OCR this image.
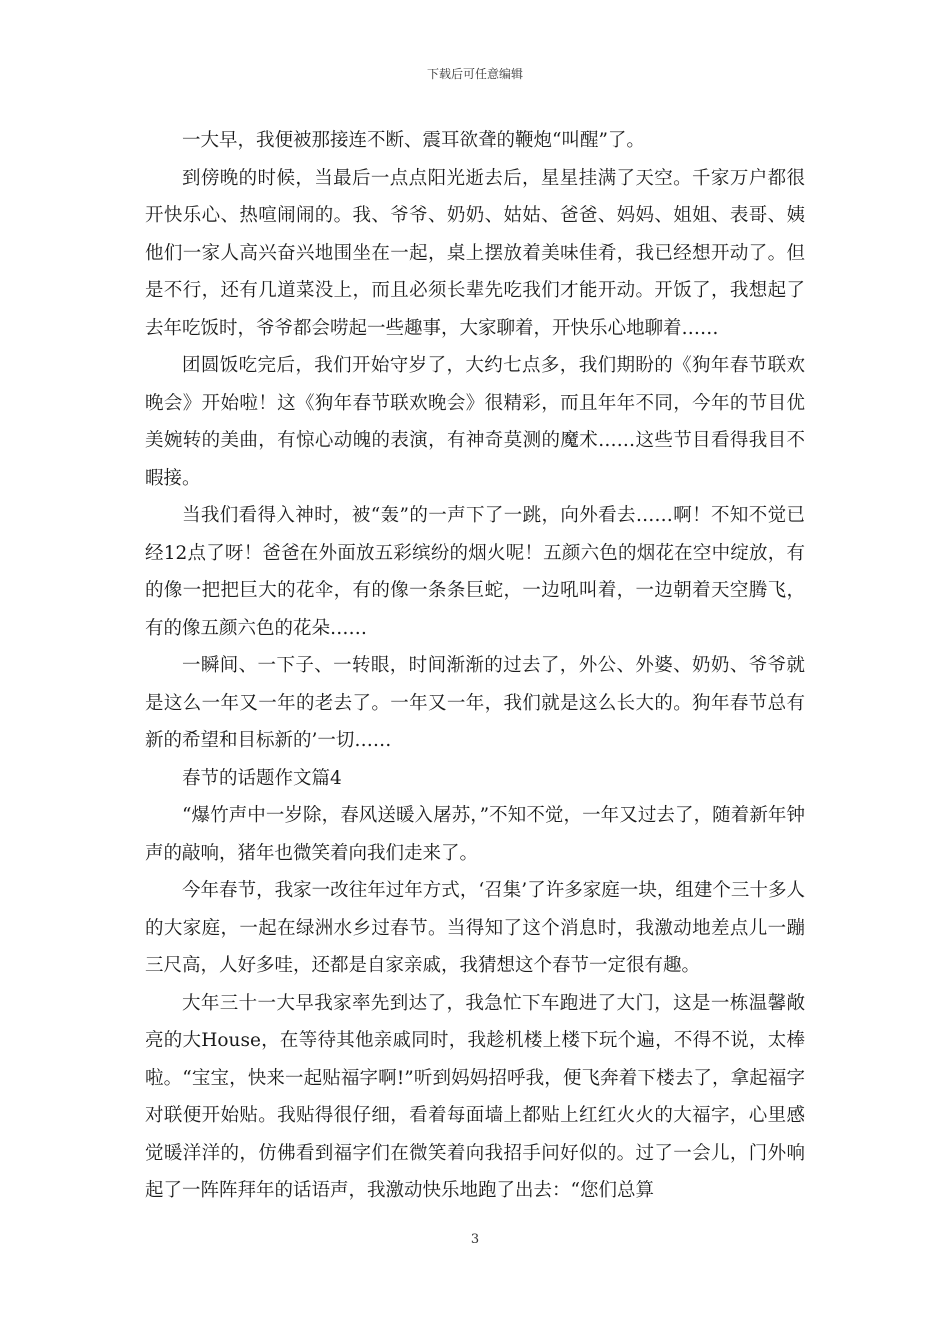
下载后可任意编辑

一大早，我便被那接连不断、震耳欲聋的鞭炮“叫醒”了。

到傍晚的时候，当最后一点点阳光逝去后，星星挂满了天空。千家万户都很开快乐心、热喧闹闹的。我、爷爷、奶奶、姑姑、爸爸、妈妈、姐姐、表哥、姨他们一家人高兴奋兴地围坐在一起，桌上摆放着美味佳肴，我已经想开动了。但是不行，还有几道菜没上，而且必须长辈先吃我们才能开动。开饭了，我想起了去年吃饭时，爷爷都会唠起一些趣事，大家聊着，开快乐心地聊着……

团圆饭吃完后，我们开始守岁了，大约七点多，我们期盼的《狗年春节联欢晚会》开始啦！这《狗年春节联欢晚会》很精彩，而且年年不同，今年的节目优美婉转的美曲，有惊心动魄的表演，有神奇莫测的魔术……这些节目看得我目不暇接。

当我们看得入神时，被“轰”的一声下了一跳，向外看去……啊！不知不觉已经12点了呀！爸爸在外面放五彩缤纷的烟火呢！五颜六色的烟花在空中绽放，有的像一把把巨大的花伞，有的像一条条巨蛇，一边吼叫着，一边朝着天空腾飞，有的像五颜六色的花朵……

一瞬间、一下子、一转眼，时间渐渐的过去了，外公、外婆、奶奶、爷爷就是这么一年又一年的老去了。一年又一年，我们就是这么长大的。狗年春节总有新的希望和目标新的’一切……

春节的话题作文篇4

“爆竹声中一岁除，春风送暖入屠苏，”不知不觉，一年又过去了，随着新年钟声的敲响，猪年也微笑着向我们走来了。

今年春节，我家一改往年过年方式，‘召集’了许多家庭一块，组建个三十多人的大家庭，一起在绿洲水乡过春节。当得知了这个消息时，我激动地差点儿一蹦三尺高，人好多哇，还都是自家亲戚，我猜想这个春节一定很有趣。

大年三十一大早我家率先到达了，我急忙下车跑进了大门，这是一栋温馨敞亮的大House，在等待其他亲戚同时，我趁机楼上楼下玩个遍，不得不说，太棒啦。“宝宝，快来一起贴福字啊!”听到妈妈招呼我，便飞奔着下楼去了，拿起福字对联便开始贴。我贴得很仔细，看着每面墙上都贴上红红火火的大福字，心里感觉暖洋洋的，仿佛看到福字们在微笑着向我招手问好似的。过了一会儿，门外响起了一阵阵拜年的话语声，我激动快乐地跑了出去：“您们总算

3
